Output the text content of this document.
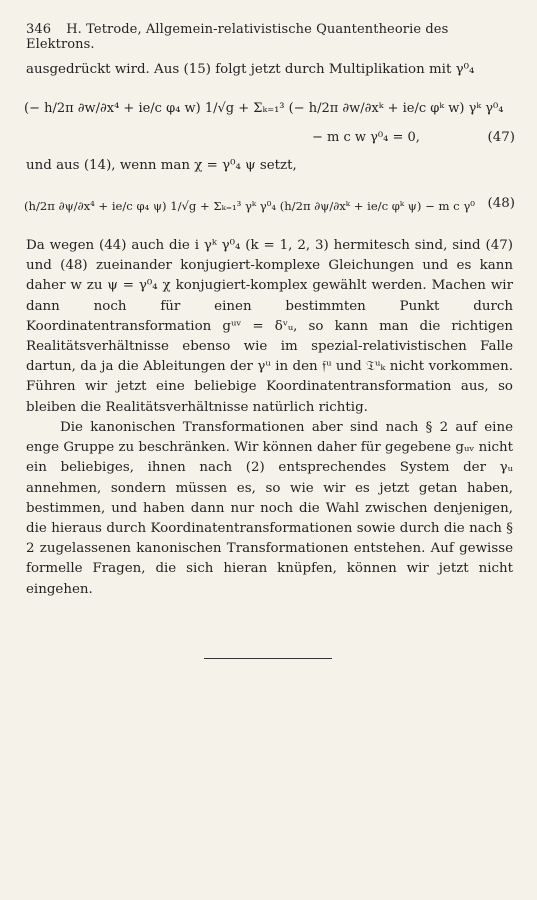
346 H. Tetrode, Allgemein-relativistische Quantentheorie des Elektrons.
ausgedrückt wird. Aus (15) folgt jetzt durch Multiplikation mit γ⁰₄
(− h/2π ∂w/∂x⁴ + ie/c φ₄ w) 1/√g + Σₖ₌₁³ (− h/2π ∂w/∂xᵏ + ie/c φᵏ w) γᵏ γ⁰₄
− m c w γ⁰₄ = 0,	(47)
und aus (14), wenn man χ = γ⁰₄ ψ setzt,
(h/2π ∂ψ/∂x⁴ + ie/c φ₄ ψ) 1/√g + Σₖ₌₁³ γᵏ γ⁰₄ (h/2π ∂ψ/∂xᵏ + ie/c φᵏ ψ) − m c γ⁰₄ ψ.
(48)
Da wegen (44) auch die i γᵏ γ⁰₄ (k = 1, 2, 3) hermitesch sind, sind (47) und (48) zueinander konjugiert-komplexe Gleichungen und es kann daher w zu ψ = γ⁰₄ χ konjugiert-komplex gewählt werden. Machen wir dann noch für einen bestimmten Punkt durch Koordinatentransformation gᵘᵛ = δᵛᵤ, so kann man die richtigen Realitätsverhältnisse ebenso wie im spezial-relativistischen Falle dartun, da ja die Ableitungen der γᵘ in den 𝔣ᵘ und 𝔗ᵘₖ nicht vorkommen. Führen wir jetzt eine beliebige Koordinatentransformation aus, so bleiben die Realitätsverhältnisse natürlich richtig.
Die kanonischen Transformationen aber sind nach § 2 auf eine enge Gruppe zu beschränken. Wir können daher für gegebene gᵤᵥ nicht ein beliebiges, ihnen nach (2) entsprechendes System der γᵤ annehmen, sondern müssen es, so wie wir es jetzt getan haben, bestimmen, und haben dann nur noch die Wahl zwischen denjenigen, die hieraus durch Koordinatentransformationen sowie durch die nach § 2 zugelassenen kanonischen Transformationen entstehen. Auf gewisse formelle Fragen, die sich hieran knüpfen, können wir jetzt nicht eingehen.
